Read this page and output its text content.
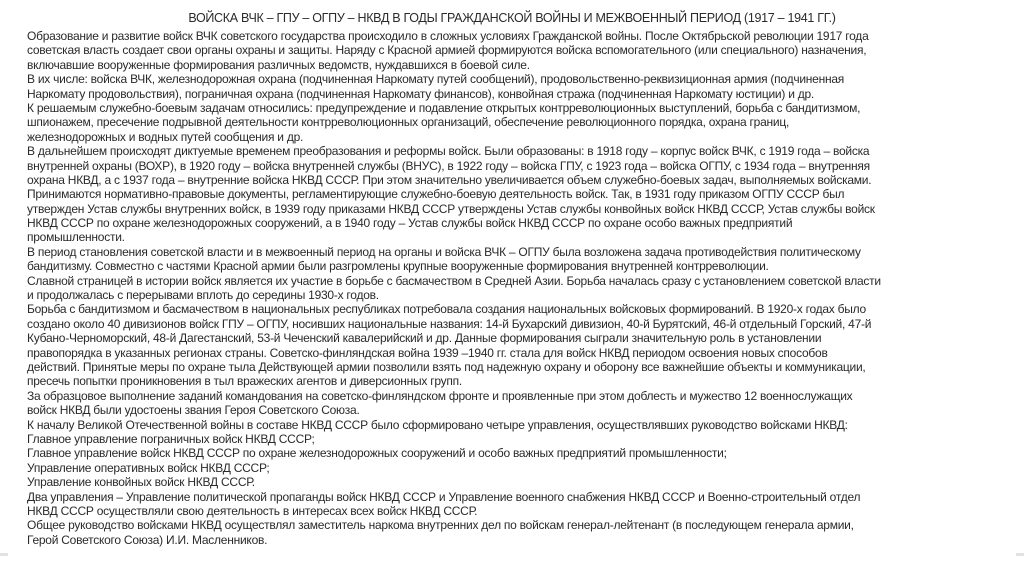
ВОЙСКА ВЧК – ГПУ – ОГПУ – НКВД В ГОДЫ ГРАЖДАНСКОЙ ВОЙНЫ И МЕЖВОЕННЫЙ ПЕРИОД (1917 – 1941 ГГ.)
Образование и развитие войск ВЧК советского государства происходило в сложных условиях Гражданской войны. После Октябрьской революции 1917 года
советская власть создает свои органы охраны и защиты. Наряду с Красной армией формируются войска вспомогательного (или специального) назначения,
включавшие вооруженные формирования различных ведомств, нуждавшихся в боевой силе.
В их числе: войска ВЧК, железнодорожная охрана (подчиненная Наркомату путей сообщений), продовольственно-реквизиционная армия (подчиненная
Наркомату продовольствия), пограничная охрана (подчиненная Наркомату финансов), конвойная стража (подчиненная Наркомату юстиции) и др.
К решаемым служебно-боевым задачам относились: предупреждение и подавление открытых контрреволюционных выступлений, борьба с бандитизмом,
шпионажем, пресечение подрывной деятельности контрреволюционных организаций, обеспечение революционного порядка, охрана границ,
железнодорожных и водных путей сообщения и др.
В дальнейшем происходят диктуемые временем преобразования и реформы войск. Были образованы: в 1918 году – корпус войск ВЧК, с 1919 года – войска
внутренней охраны (ВОХР), в 1920 году – войска внутренней службы (ВНУС), в 1922 году – войска ГПУ, с 1923 года – войска ОГПУ, с 1934 года – внутренняя
охрана НКВД, а с 1937 года – внутренние войска НКВД СССР. При этом значительно увеличивается объем служебно-боевых задач, выполняемых войсками.
Принимаются нормативно-правовые документы, регламентирующие служебно-боевую деятельность войск. Так, в 1931 году приказом ОГПУ СССР был
утвержден Устав службы внутренних войск, в 1939 году приказами НКВД СССР утверждены Устав службы конвойных войск НКВД СССР, Устав службы войск
НКВД СССР по охране железнодорожных сооружений, а в 1940 году – Устав службы войск НКВД СССР по охране особо важных предприятий
промышленности.
В период становления советской власти и в межвоенный период на органы и войска ВЧК – ОГПУ была возложена задача противодействия политическому
бандитизму. Совместно с частями Красной армии были разгромлены крупные вооруженные формирования внутренней контрреволюции.
Славной страницей в истории войск является их участие в борьбе с басмачеством в Средней Азии. Борьба началась сразу с установлением советской власти
и продолжалась с перерывами вплоть до середины 1930-х годов.
Борьба с бандитизмом и басмачеством в национальных республиках потребовала создания национальных войсковых формирований. В 1920-х годах было
создано около 40 дивизионов войск ГПУ – ОГПУ, носивших национальные названия: 14-й Бухарский дивизион, 40-й Бурятский, 46-й отдельный Горский, 47-й
Кубано-Черноморский, 48-й Дагестанский, 53-й Чеченский кавалерийский и др. Данные формирования сыграли значительную роль в установлении
правопорядка в указанных регионах страны. Советско-финляндская война 1939 –1940 гг. стала для войск НКВД периодом освоения новых способов
действий. Принятые меры по охране тыла Действующей армии позволили взять под надежную охрану и оборону все важнейшие объекты и коммуникации,
пресечь попытки проникновения в тыл вражеских агентов и диверсионных групп.
За образцовое выполнение заданий командования на советско-финляндском фронте и проявленные при этом доблесть и мужество 12 военнослужащих
войск НКВД были удостоены звания Героя Советского Союза.
К началу Великой Отечественной войны в составе НКВД СССР было сформировано четыре управления, осуществлявших руководство войсками НКВД:
Главное управление пограничных войск НКВД СССР;
Главное управление войск НКВД СССР по охране железнодорожных сооружений и особо важных предприятий промышленности;
Управление оперативных войск НКВД СССР;
Управление конвойных войск НКВД СССР.
Два управления – Управление политической пропаганды войск НКВД СССР и Управление военного снабжения НКВД СССР и Военно-строительный отдел
НКВД СССР осуществляли свою деятельность в интересах всех войск НКВД СССР.
Общее руководство войсками НКВД осуществлял заместитель наркома внутренних дел по войскам генерал-лейтенант (в последующем генерала армии,
Герой Советского Союза) И.И. Масленников.
